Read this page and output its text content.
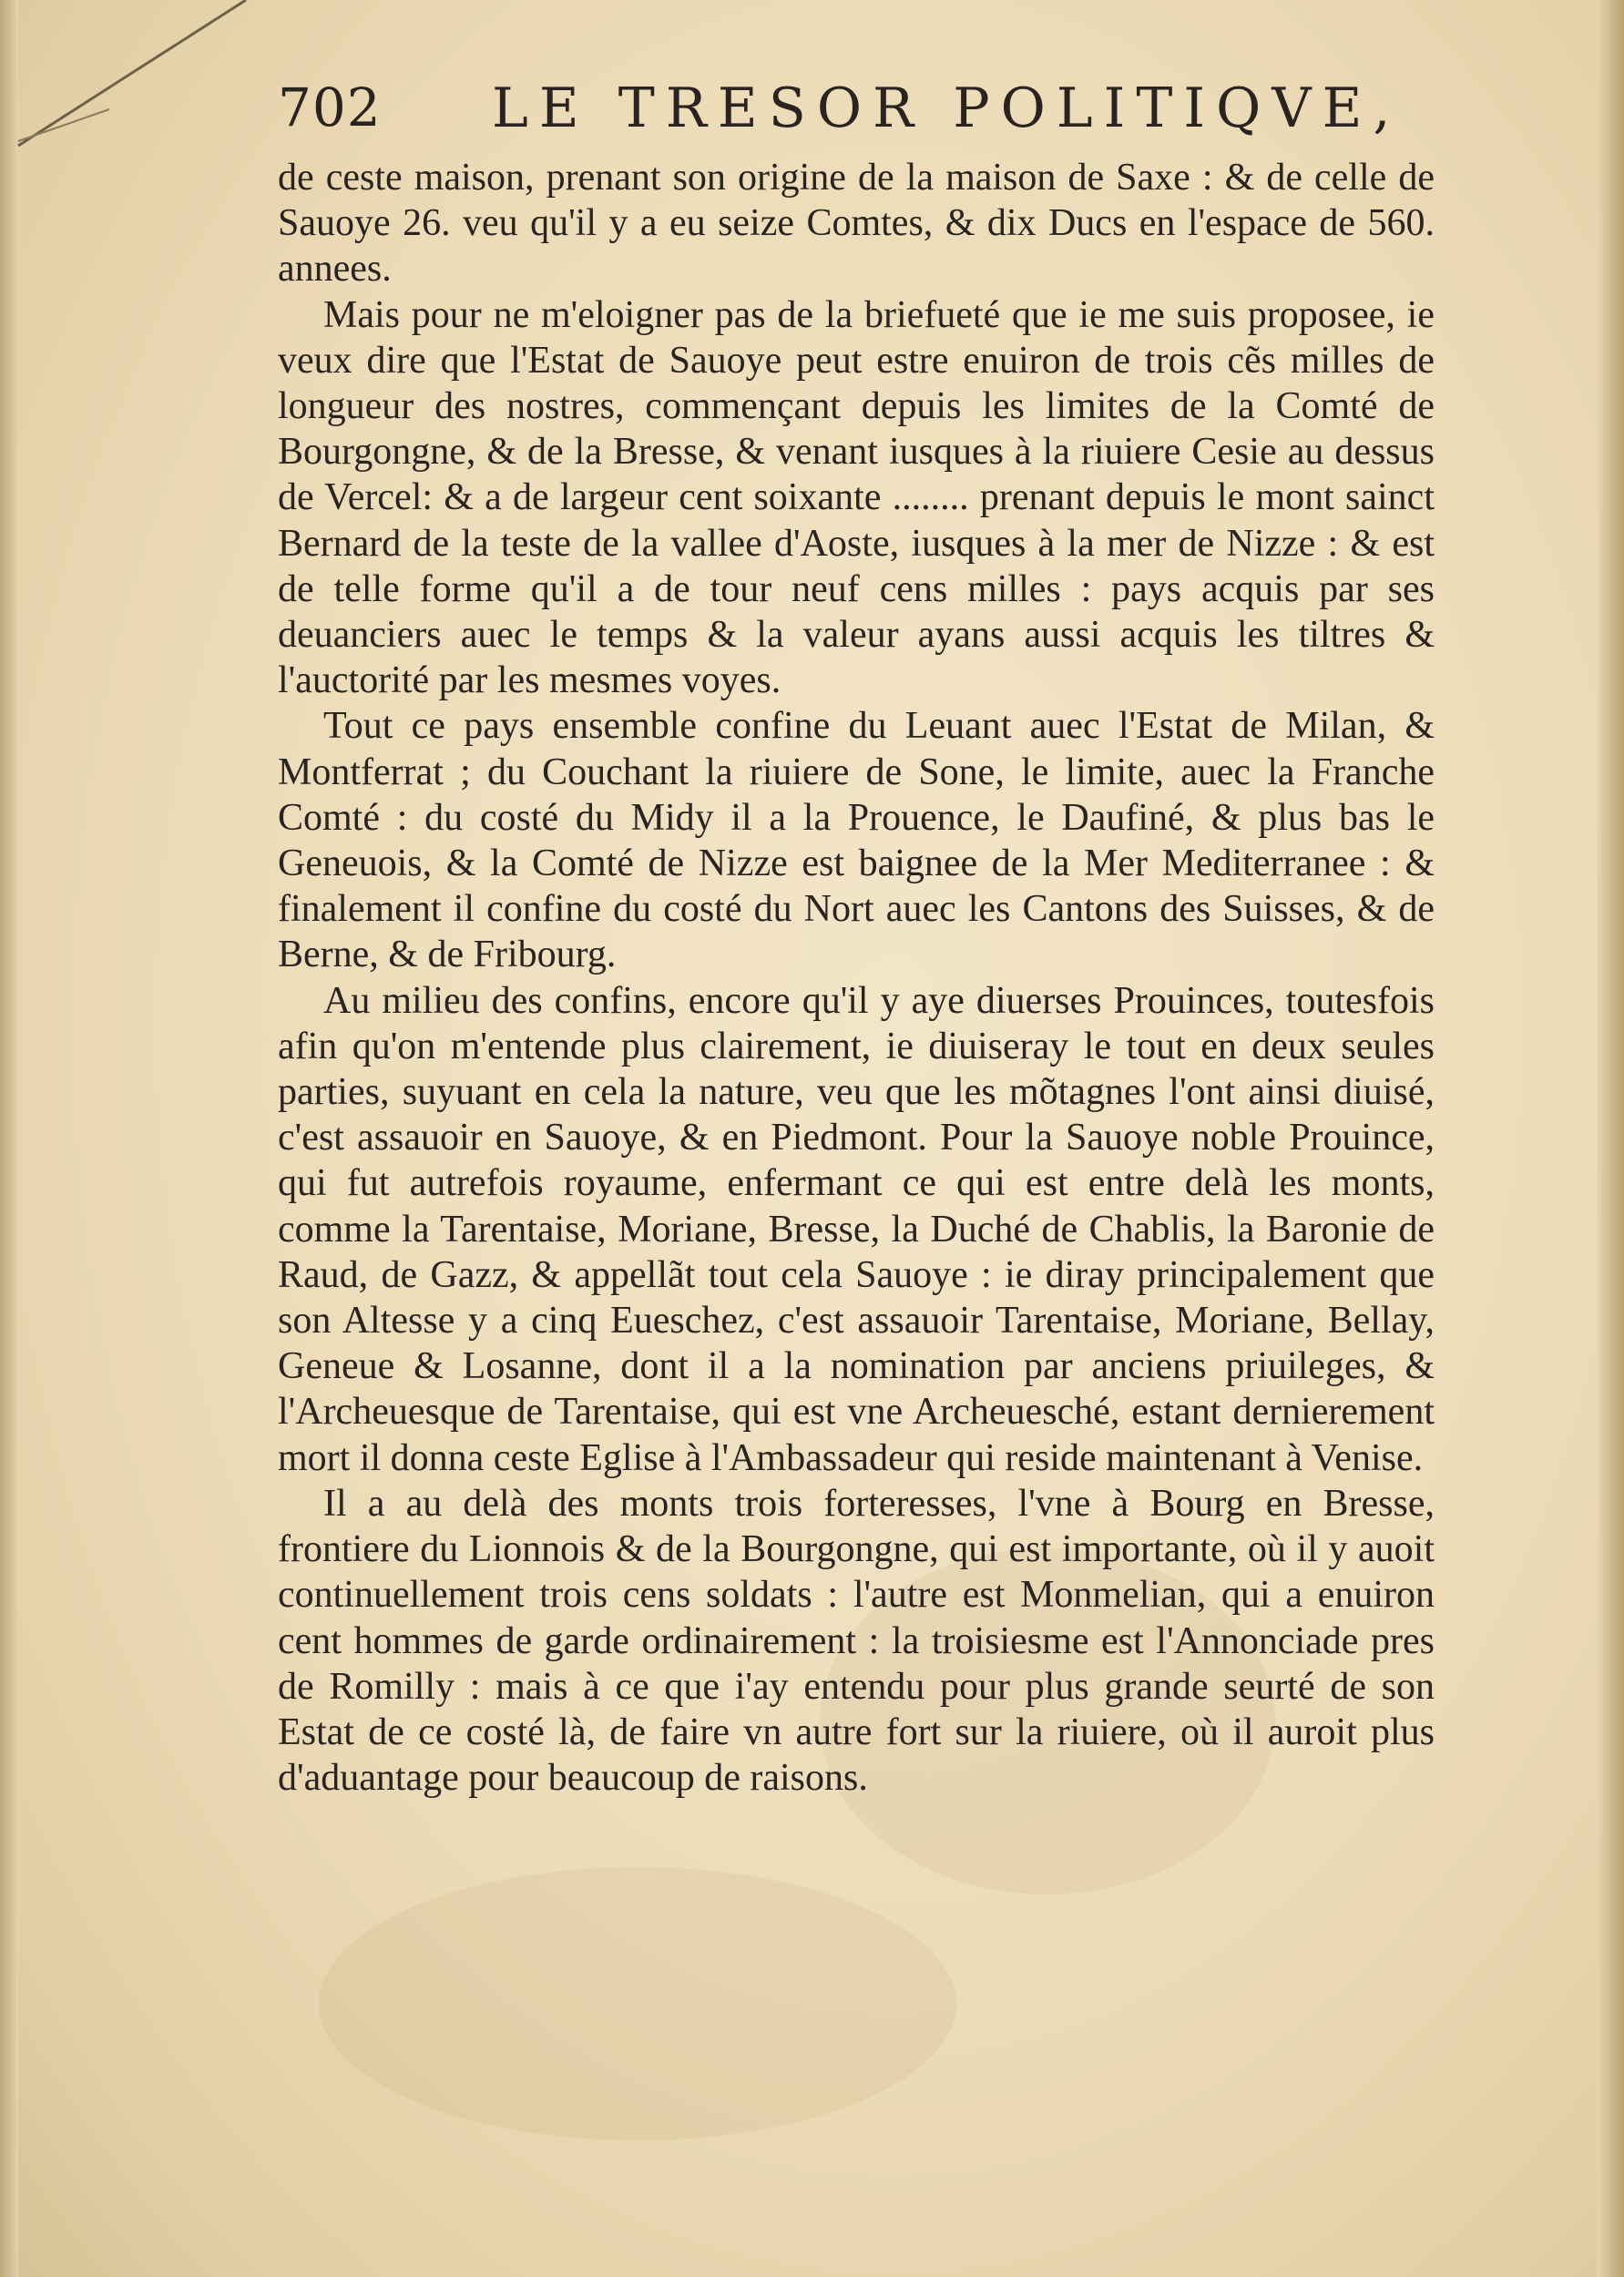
702 LE TRESOR POLITIQVE,

de ceste maison, prenant son origine de la maison de Saxe : & de celle de Sauoye 26. veu qu'il y a eu seize Comtes, & dix Ducs en l'espace de 560. annees.

Mais pour ne m'eloigner pas de la briefueté que ie me suis proposee, ie veux dire que l'Estat de Sauoye peut estre enuiron de trois cẽs milles de longueur des nostres, commençant depuis les limites de la Comté de Bourgongne, & de la Bresse, & venant iusques à la riuiere Cesie au dessus de Vercel: & a de largeur cent soixante ........ prenant depuis le mont sainct Bernard de la teste de la vallee d'Aoste, iusques à la mer de Nizze : & est de telle forme qu'il a de tour neuf cens milles : pays acquis par ses deuanciers auec le temps & la valeur ayans aussi acquis les tiltres & l'auctorité par les mesmes voyes.

Tout ce pays ensemble confine du Leuant auec l'Estat de Milan, & Montferrat ; du Couchant la riuiere de Sone, le limite, auec la Franche Comté : du costé du Midy il a la Prouence, le Daufiné, & plus bas le Geneuois, & la Comté de Nizze est baignee de la Mer Mediterranee : & finalement il confine du costé du Nort auec les Cantons des Suisses, & de Berne, & de Fribourg.

Au milieu des confins, encore qu'il y aye diuerses Prouinces, toutesfois afin qu'on m'entende plus clairement, ie diuiseray le tout en deux seules parties, suyuant en cela la nature, veu que les mõtagnes l'ont ainsi diuisé, c'est assauoir en Sauoye, & en Piedmont. Pour la Sauoye noble Prouince, qui fut autrefois royaume, enfermant ce qui est entre delà les monts, comme la Tarentaise, Moriane, Bresse, la Duché de Chablis, la Baronie de Raud, de Gazz, & appellãt tout cela Sauoye : ie diray principalement que son Altesse y a cinq Eueschez, c'est assauoir Tarentaise, Moriane, Bellay, Geneue & Losanne, dont il a la nomination par anciens priuileges, & l'Archeuesque de Tarentaise, qui est vne Archeuesché, estant dernierement mort il donna ceste Eglise à l'Ambassadeur qui reside maintenant à Venise.

Il a au delà des monts trois forteresses, l'vne à Bourg en Bresse, frontiere du Lionnois & de la Bourgongne, qui est importante, où il y auoit continuellement trois cens soldats : l'autre est Monmelian, qui a enuiron cent hommes de garde ordinairement : la troisiesme est l'Annonciade pres de Romilly : mais à ce que i'ay entendu pour plus grande seurté de son Estat de ce costé là, de faire vn autre fort sur la riuiere, où il auroit plus d'aduantage pour beaucoup de raisons.
